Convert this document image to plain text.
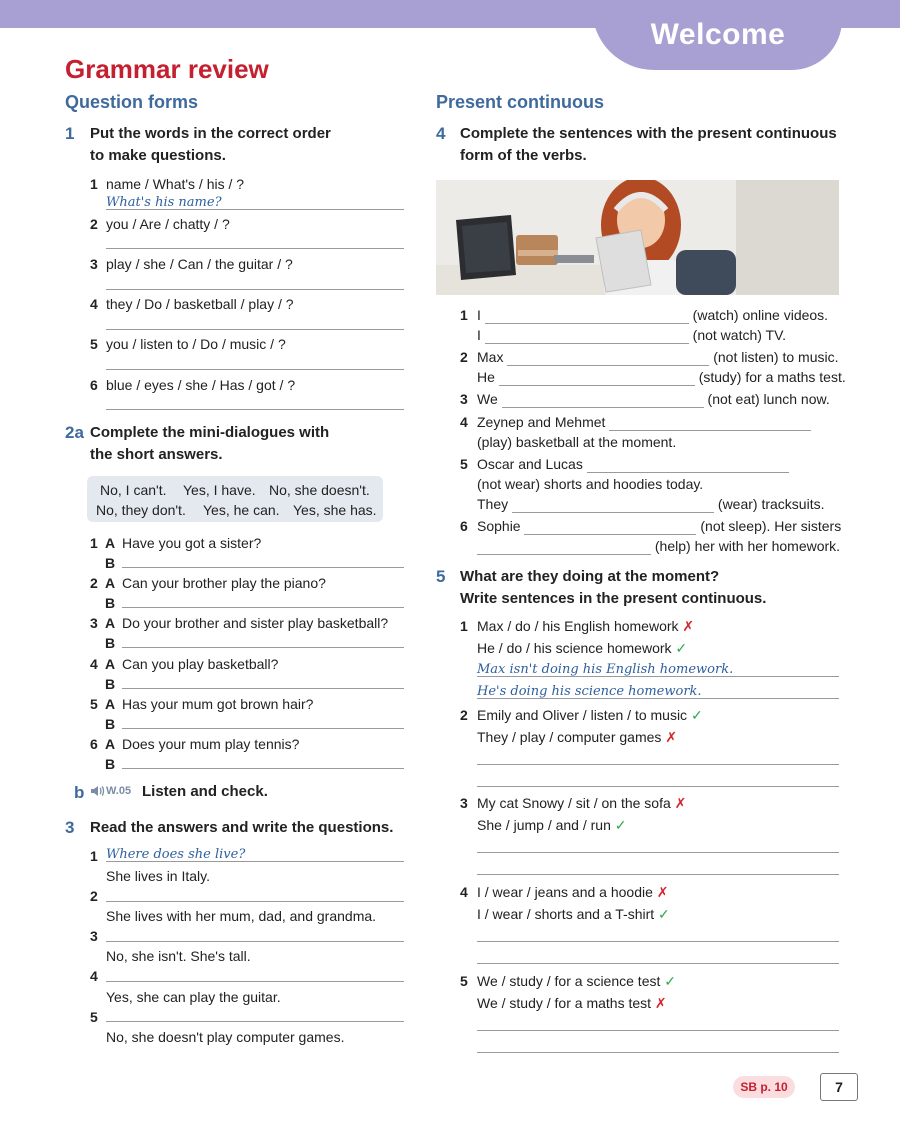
Welcome
Grammar review
Question forms
1 Put the words in the correct order
to make questions.
1 name / What's / his / ?
What's his name?
2 you / Are / chatty / ?
3 play / she / Can / the guitar / ?
4 they / Do / basketball / play / ?
5 you / listen to / Do / music / ?
6 blue / eyes / she / Has / got / ?
2a Complete the mini-dialogues with
the short answers.
No, I can't. Yes, I have. No, she doesn't.
No, they don't. Yes, he can. Yes, she has.
1 A Have you got a sister?
B
2 A Can your brother play the piano?
B
3 A Do your brother and sister play basketball?
B
4 A Can you play basketball?
B
5 A Has your mum got brown hair?
B
6 A Does your mum play tennis?
B
b W.05 Listen and check.
3 Read the answers and write the questions.
1 Where does she live?
She lives in Italy.
2
She lives with her mum, dad, and grandma.
3
No, she isn't. She's tall.
4
Yes, she can play the guitar.
5
No, she doesn't play computer games.
Present continuous
4 Complete the sentences with the present continuous
form of the verbs.
1 I	(watch) online videos.
I	(not watch) TV.
2 Max	(not listen) to music.
He	(study) for a maths test.
3 We	(not eat) lunch now.
4 Zeynep and Mehmet
(play) basketball at the moment.
5 Oscar and Lucas
(not wear) shorts and hoodies today.
They	(wear) tracksuits.
6 Sophie	(not sleep). Her sisters
(help) her with her homework.
5 What are they doing at the moment?
Write sentences in the present continuous.
1 Max / do / his English homework ✗
He / do / his science homework ✓
Max isn't doing his English homework.
He's doing his science homework.
2 Emily and Oliver / listen / to music ✓
They / play / computer games ✗
3 My cat Snowy / sit / on the sofa ✗
She / jump / and / run ✓
4 I / wear / jeans and a hoodie ✗
I / wear / shorts and a T-shirt ✓
5 We / study / for a science test ✓
We / study / for a maths test ✗
SB p. 10	7
